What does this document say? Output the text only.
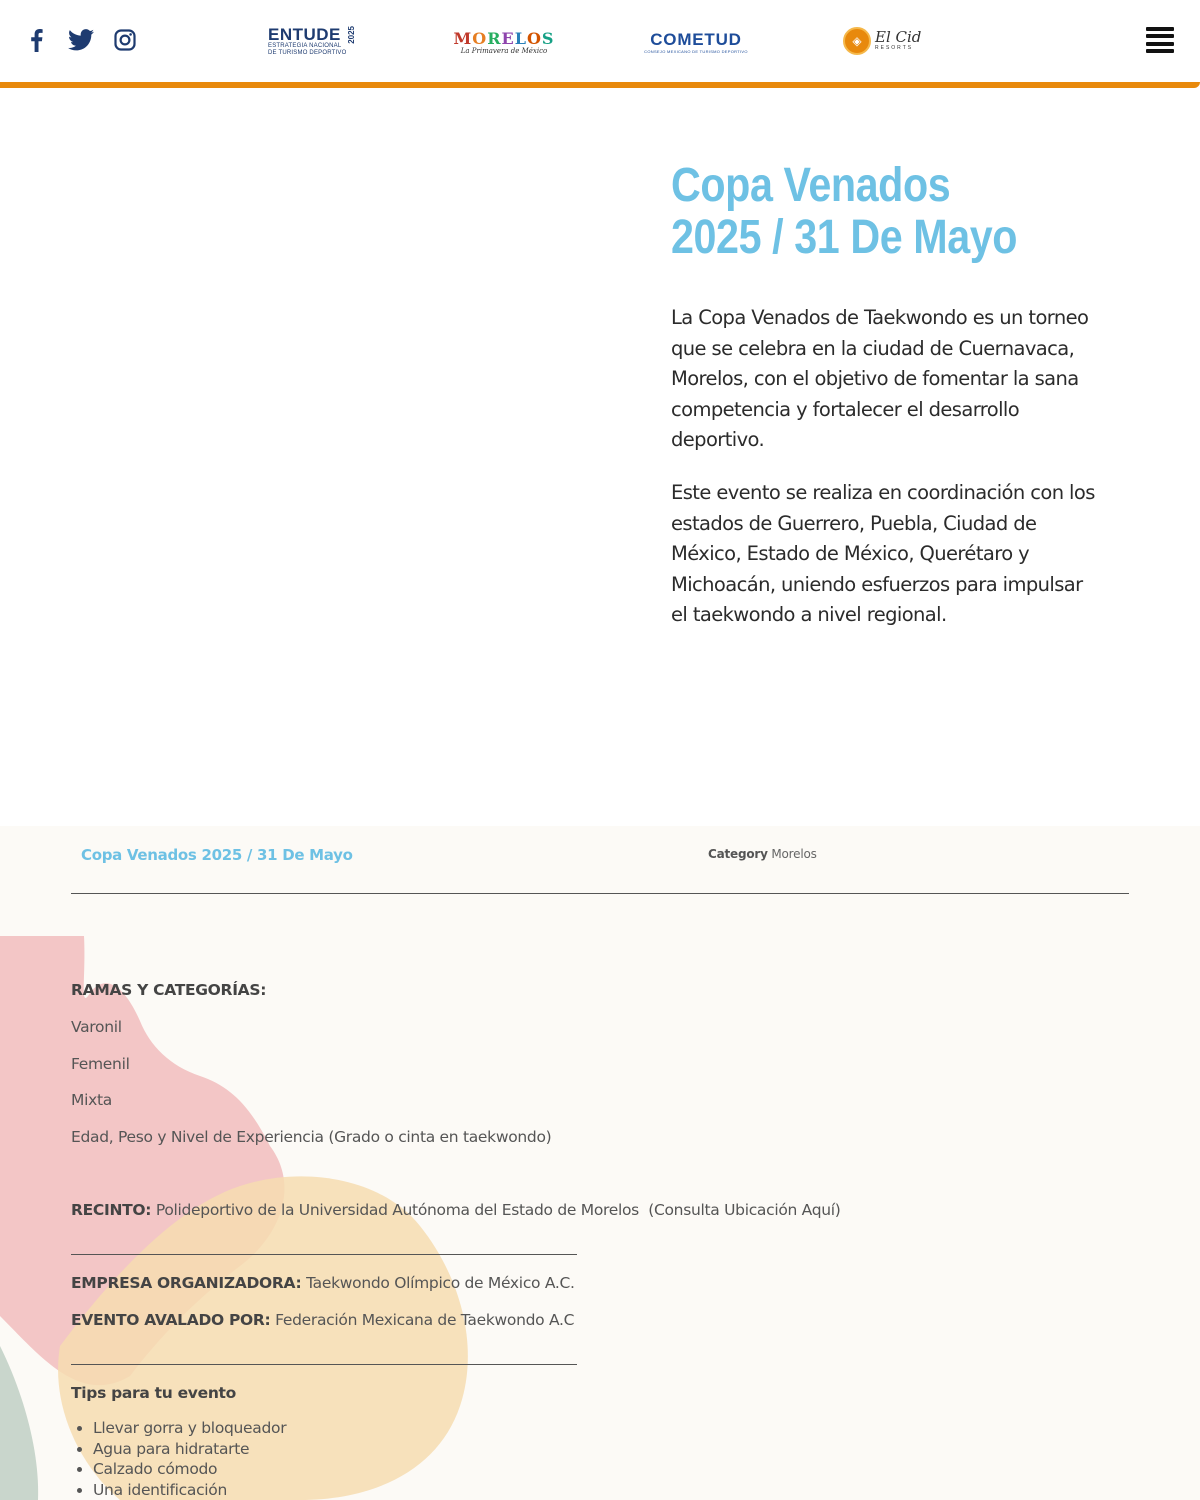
ENTUDE
ESTRATEGIA NACIONAL
DE TURISMO DEPORTIVO
2025	MORELOS
La Primavera de México
COMETUD
CONSEJO MEXICANO DE TURISMO DEPORTIVO
◈ El Cid
RESORTS
Copa Venados 2025 / 31 De Mayo

La Copa Venados de Taekwondo es un torneo que se celebra en la ciudad de Cuernavaca, Morelos, con el objetivo de fomentar la sana competencia y fortalecer el desarrollo deportivo.

Este evento se realiza en coordinación con los estados de Guerrero, Puebla, Ciudad de México, Estado de México, Querétaro y Michoacán, uniendo esfuerzos para impulsar el taekwondo a nivel regional.

Copa Venados 2025 / 31 De Mayo	Category Morelos

RAMAS Y CATEGORÍAS:

Varonil

Femenil

Mixta

Edad, Peso y Nivel de Experiencia (Grado o cinta en taekwondo)

RECINTO: Polideportivo de la Universidad Autónoma del Estado de Morelos (Consulta Ubicación Aquí)

EMPRESA ORGANIZADORA: Taekwondo Olímpico de México A.C.

EVENTO AVALADO POR: Federación Mexicana de Taekwondo A.C

Tips para tu evento

• Llevar gorra y bloqueador
• Agua para hidratarte
• Calzado cómodo
• Una identificación
